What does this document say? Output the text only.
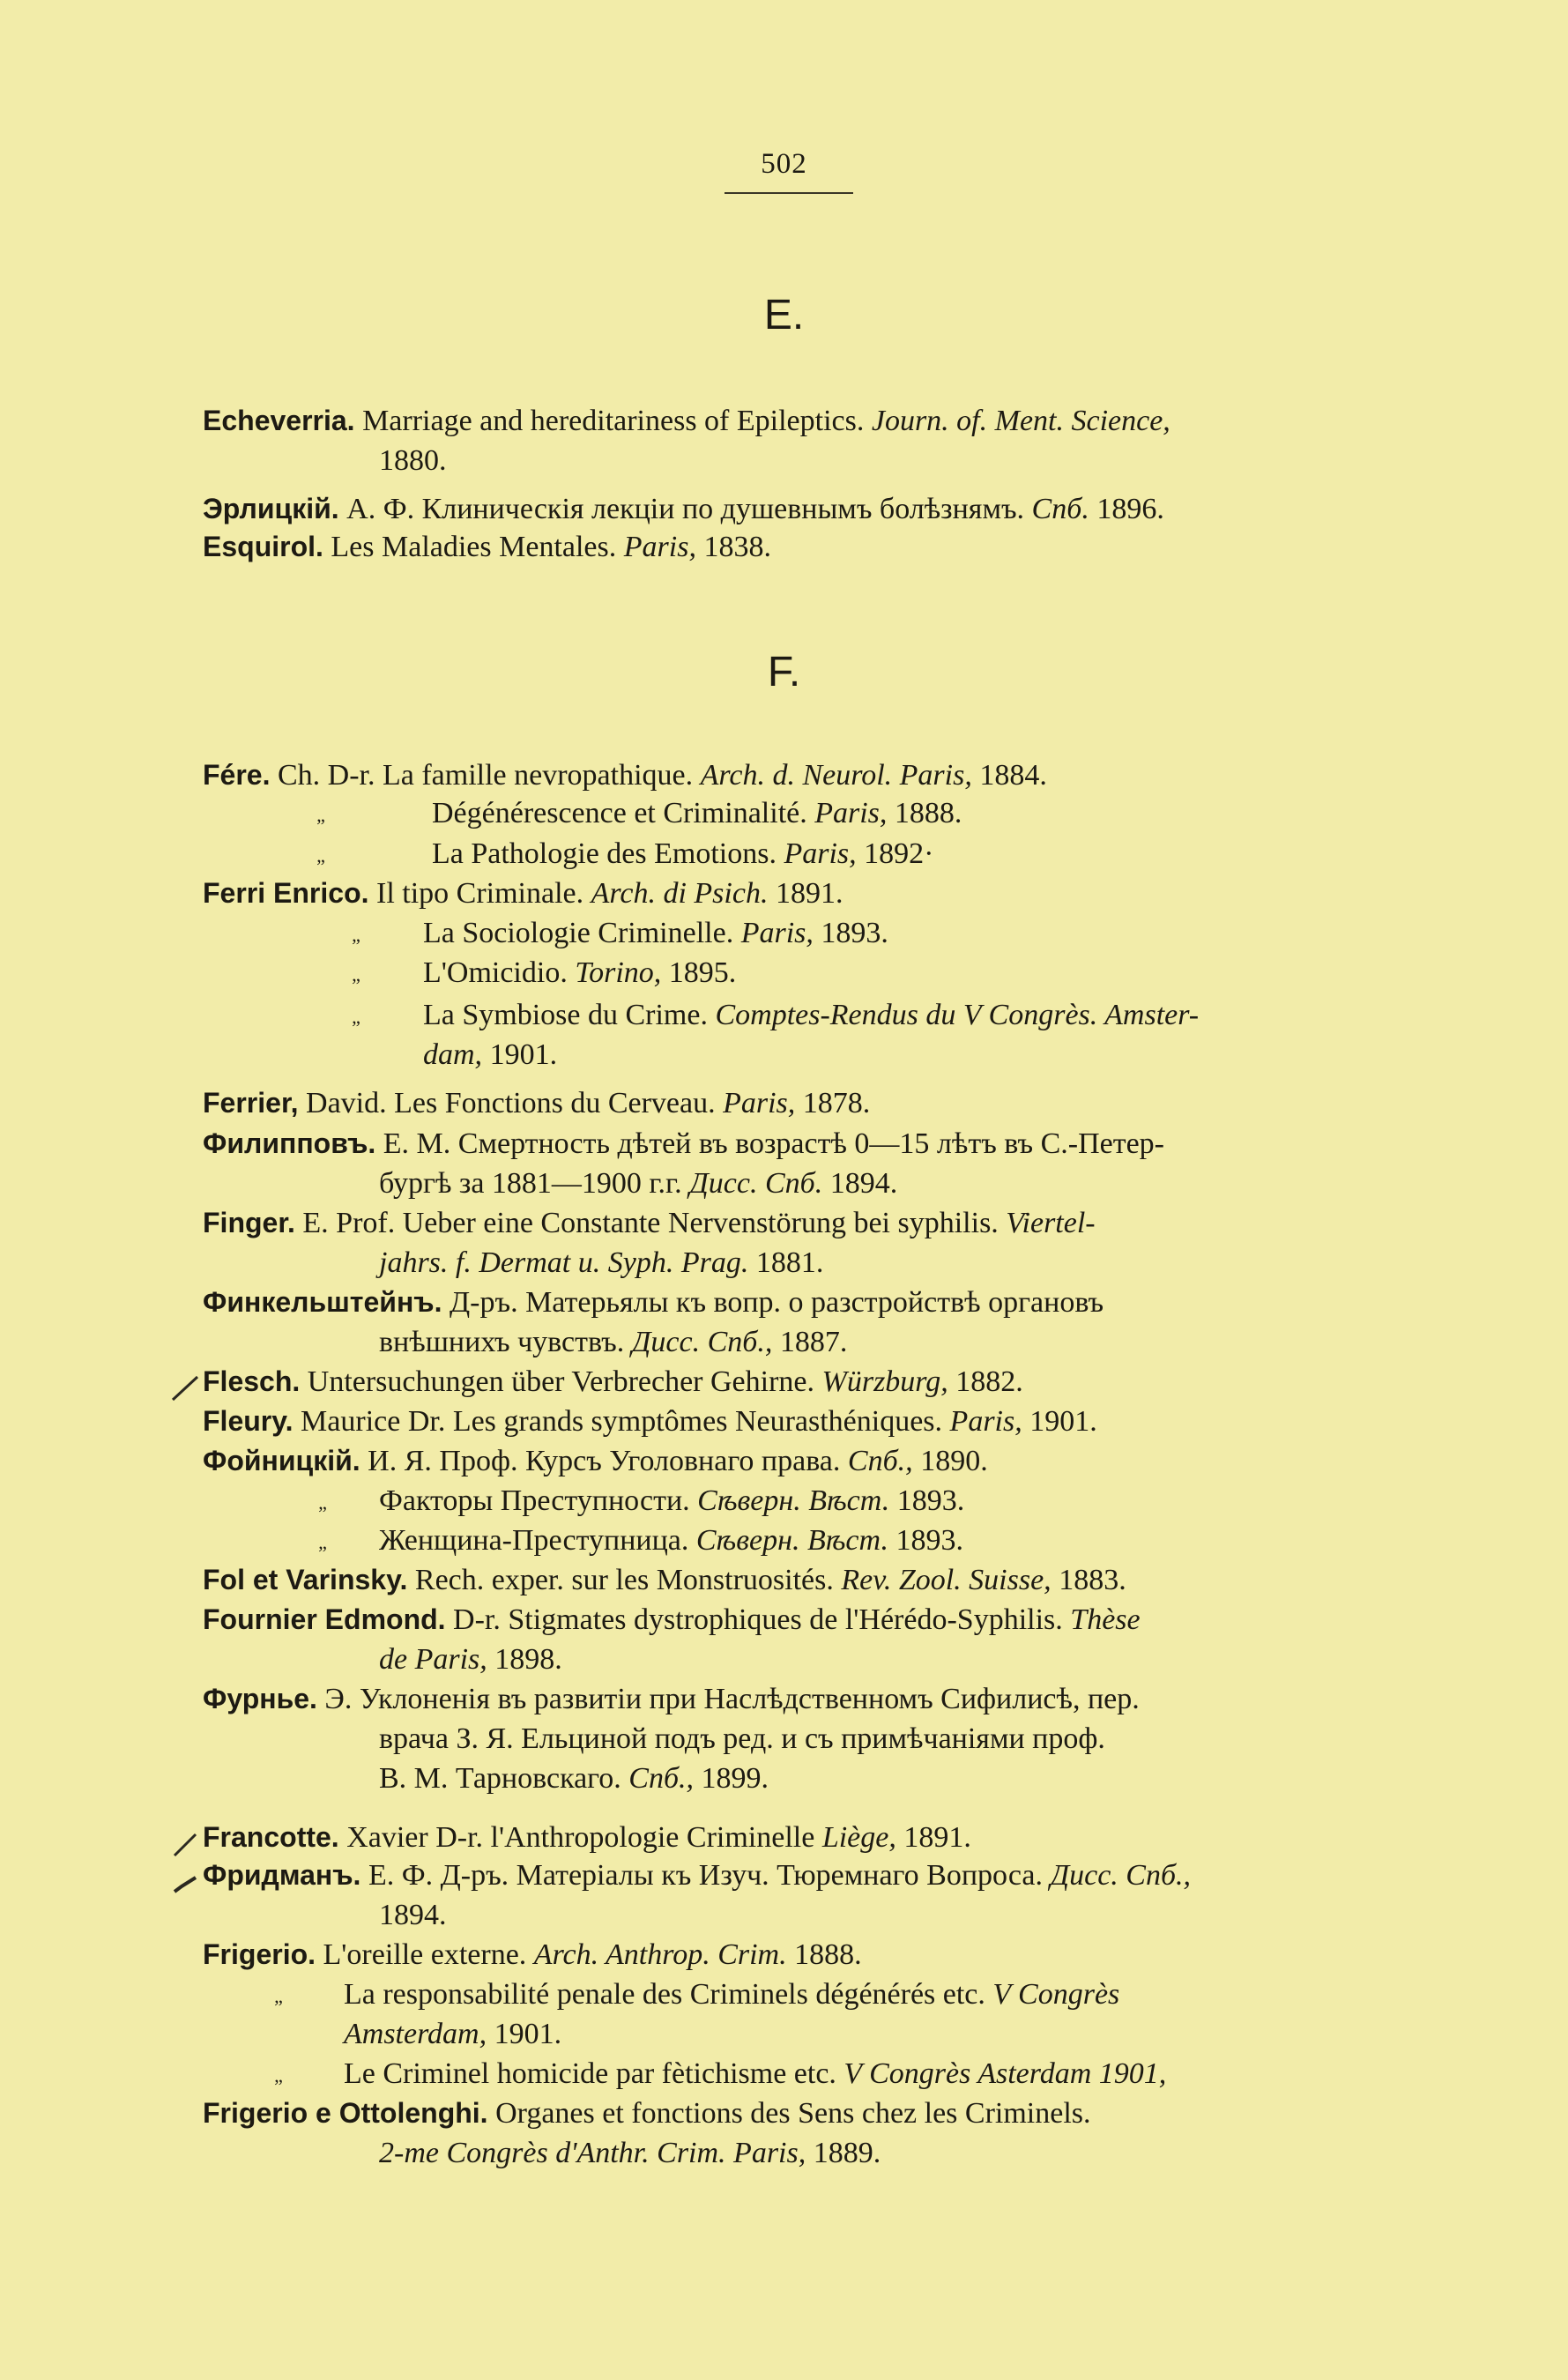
502
E.
Echeverria. Marriage and hereditariness of Epileptics. Journ. of. Ment. Science,
1880.
Эрлицкій. А. Ф. Клиническія лекціи по душевнымъ болѣзнямъ. Спб. 1896.
Esquirol. Les Maladies Mentales. Paris, 1838.
F.
Fére. Ch. D-r. La famille nevropathique. Arch. d. Neurol. Paris, 1884.
„	Dégénérescence et Criminalité. Paris, 1888.
„	La Pathologie des Emotions. Paris, 1892·
Ferri Enrico. Il tipo Criminale. Arch. di Psich. 1891.
„	La Sociologie Criminelle. Paris, 1893.
„	L'Omicidio. Torino, 1895.
„	La Symbiose du Crime. Comptes-Rendus du V Congrès. Amster-
dam, 1901.
Ferrier, David. Les Fonctions du Cerveau. Paris, 1878.
Филипповъ. Е. М. Смертность дѣтей въ возрастѣ 0—15 лѣтъ въ С.-Петер-
бургѣ за 1881—1900 г.г. Дисс. Спб. 1894.
Finger. E. Prof. Ueber eine Constante Nervenstörung bei syphilis. Viertel-
jahrs. f. Dermat u. Syph. Prag. 1881.
Финкельштейнъ. Д-ръ. Матерьялы къ вопр. о разстройствѣ органовъ
внѣшнихъ чувствъ. Дисс. Спб., 1887.
Flesch. Untersuchungen über Verbrecher Gehirne. Würzburg, 1882.
Fleury. Maurice Dr. Les grands symptômes Neurasthéniques. Paris, 1901.
Фойницкій. И. Я. Проф. Курсъ Уголовнаго права. Спб., 1890.
„	Факторы Преступности. Сѣверн. Вѣст. 1893.
„	Женщина-Преступница. Сѣверн. Вѣст. 1893.
Fol et Varinsky. Rech. exper. sur les Monstruosités. Rev. Zool. Suisse, 1883.
Fournier Edmond. D-r. Stigmates dystrophiques de l'Hérédo-Syphilis. Thèse
de Paris, 1898.
Фурнье. Э. Уклоненія въ развитіи при Наслѣдственномъ Сифилисѣ, пер.
врача З. Я. Ельциной подъ ред. и съ примѣчаніями проф.
В. М. Тарновскаго. Спб., 1899.
Francotte. Xavier D-r. l'Anthropologie Criminelle Liège, 1891.
Фридманъ. Е. Ф. Д-ръ. Матеріалы къ Изуч. Тюремнаго Вопроса. Дисс. Спб.,
1894.
Frigerio. L'oreille externe. Arch. Anthrop. Crim. 1888.
„	La responsabilité penale des Criminels dégénérés etc. V Congrès
Amsterdam, 1901.
„	Le Criminel homicide par fètichisme etc. V Congrès Asterdam 1901,
Frigerio e Ottolenghi. Organes et fonctions des Sens chez les Criminels.
2-me Congrès d'Anthr. Crim. Paris, 1889.
